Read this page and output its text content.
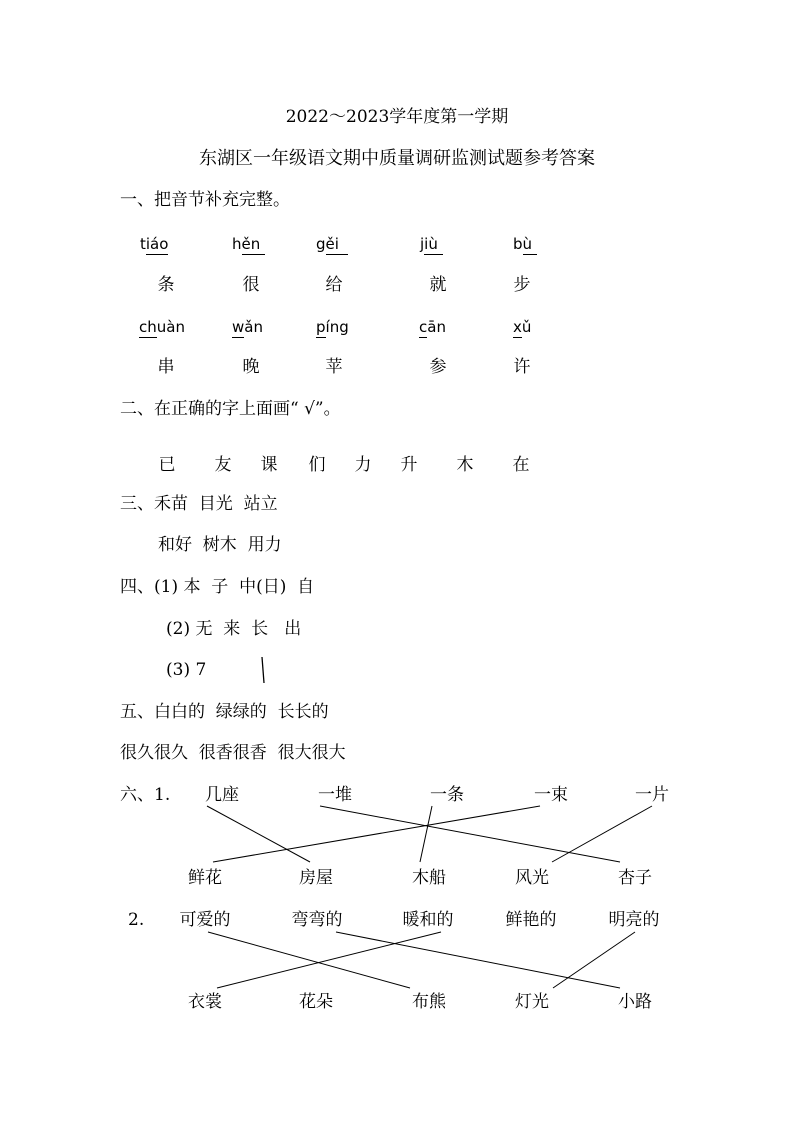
2022～2023学年度第一学期
东湖区一年级语文期中质量调研监测试题参考答案
一、把音节补充完整。
tiáo	hěn	gěi	jiù	bù
条	很	给	就	步
chuàn	wǎn	píng	cān	xǔ
串	晚	苹	参	许
二、在正确的字上面画“ √”。
已 友 课 们 力 升 木 在
三、禾苗  目光  站立
和好  树木  用力
四、(1) 本  子  中(日)  自
(2) 无  来  长   出
(3) 7
五、白白的  绿绿的  长长的
很久很久  很香很香  很大很大
六、1. 几座	一堆	一条	一束	一片
鲜花	房屋	木船	风光	杏子
2. 可爱的	弯弯的	暖和的	鲜艳的	明亮的
衣裳	花朵	布熊	灯光	小路
